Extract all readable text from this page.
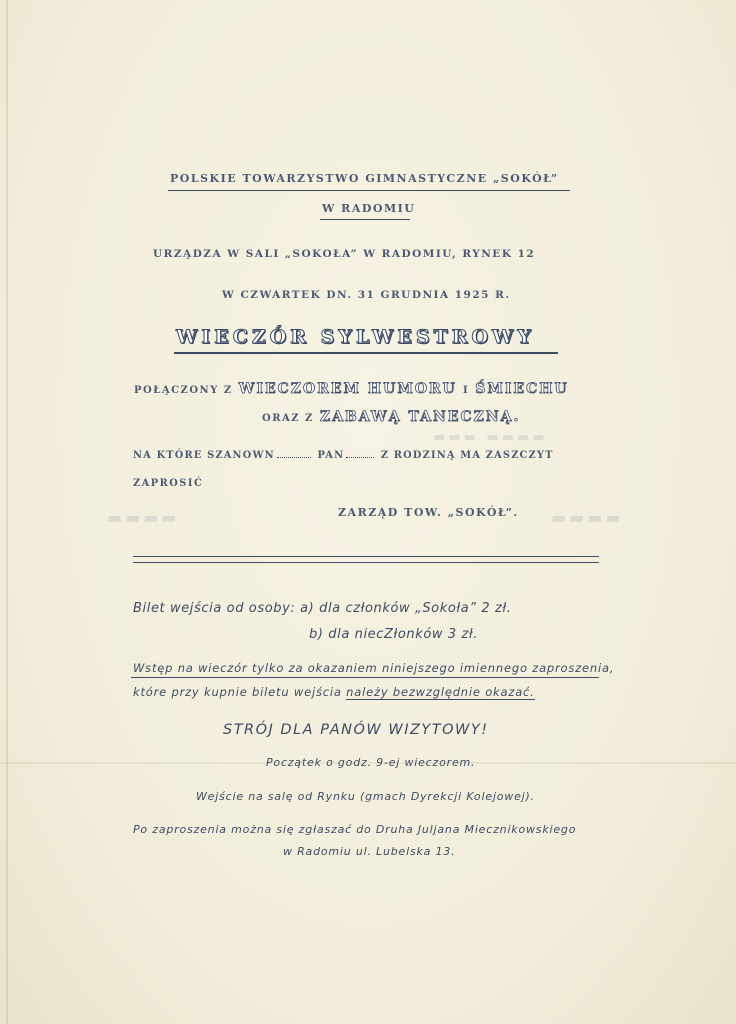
▬▬▬▬ ▬▬▬
▬▬▬▬
▬▬▬▬
POLSKIE TOWARZYSTWO GIMNASTYCZNE „SOKÓŁ”
W RADOMIU
URZĄDZA W SALI „SOKOŁA” W RADOMIU, RYNEK 12
W CZWARTEK DN. 31 GRUDNIA 1925 R.
WIECZÓR SYLWESTROWY
POŁĄCZONY Z WIECZOREM HUMORU I ŚMIECHU
ORAZ Z ZABAWĄ TANECZNĄ.
NA KTÓRE SZANOWN	PAN	Z RODZINĄ MA ZASZCZYT
ZAPROSIĆ
ZARZĄD TOW. „SOKÓŁ”.
Bilet wejścia od osoby: a) dla członków „Sokoła” 2 zł.
b) dla niecZłonków 3 zł.
Wstęp na wieczór tylko za okazaniem niniejszego imiennego zaproszenia,
które przy kupnie biletu wejścia należy bezwzględnie okazać.
STRÓJ DLA PANÓW WIZYTOWY!
Początek o godz. 9-ej wieczorem.
Wejście na salę od Rynku (gmach Dyrekcji Kolejowej).
Po zaproszenia można się zgłaszać do Druha Juljana Miecznikowskiego
w Radomiu ul. Lubelska 13.
